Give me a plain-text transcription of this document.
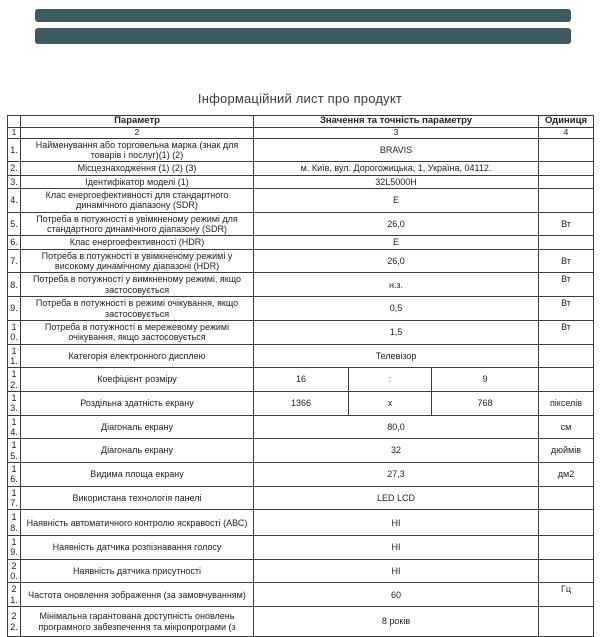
Інформаційний лист про продукт
	Параметр	Значення та точність параметру			Одиниця
1	2	3			4
1.	Найменування або торговельна марка (знак для товарів і послуг)(1) (2)	BRAVIS			
2.	Місцезнаходження (1) (2) (3)	м. Київ, вул. Дорогожицька, 1, Україна, 04112.			
3.	Ідентифікатор моделі (1)	32L5000H			
4.	Клас енергоефективності для стандартного динамічного діапазону (SDR)	E			
5.	Потреба в потужності в увімкненому режимі для стандартного динамічного діапазону (SDR)	26,0			Вт
6.	Клас енергоефективності (HDR)	E			
7.	Потреба в потужності в увімкненому режимі у високому динамічному діапазоні (HDR)	26,0			Вт
8.	Потреба в потужності у вимкненому режимі, якщо застосовується	н.з.			Вт
9.	Потреба в потужності в режимі очікування, якщо застосовується	0,5			Вт
10.	Потреба в потужності в мережевому режимі очікування, якщо застосовується	1,5			Вт
11.	Категорія електронного дисплею	Телевізор			
12.	Коефіцієнт розміру	16	:	9	
13.	Роздільна здатність екрану	1366	x	768	пікселів
14.	Діагональ екрану	80,0			см
15.	Діагональ екрану	32			дюймів
16.	Видима площа екрану	27,3			дм2
17.	Використана технологія панелі	LED LCD			
18.	Наявність автоматичного контролю яскравості (АВС)	НІ			
19.	Наявність датчика розпізнавання голосу	НІ			
20.	Наявність датчика присутності	НІ			
21.	Частота оновлення зображення (за замовчуванням)	60			Гц
22.	Мінімальна гарантована доступність оновлень програмного забезпечення та мікропрограми (з	8 років			
